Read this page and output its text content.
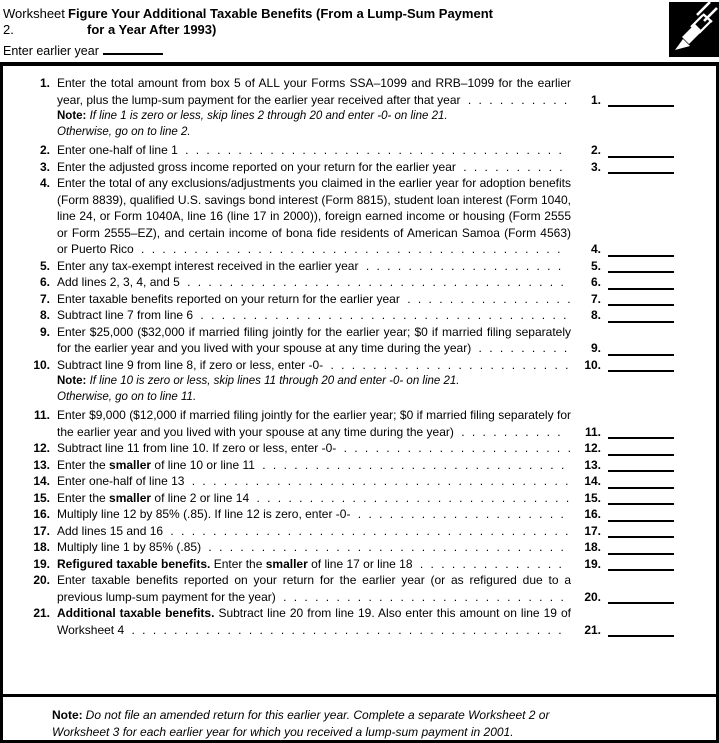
Worksheet 2.
Figure Your Additional Taxable Benefits (From a Lump-Sum Payment
for a Year After 1993)
Enter earlier year
1. Enter the total amount from box 5 of ALL your Forms SSA–1099 and RRB–1099 for the earlier year, plus the lump-sum payment for the earlier year received after that year . . . . . . . . . .	1.
Note: If line 1 is zero or less, skip lines 2 through 20 and enter -0- on line 21.
Otherwise, go on to line 2.
2. Enter one-half of line 1 . . . . . . . . . . . . . . . . . . . . . . . . . . . . . . . . . . . .	2.
3. Enter the adjusted gross income reported on your return for the earlier year . . . . . . . . . .	3.
4. Enter the total of any exclusions/adjustments you claimed in the earlier year for adoption benefits (Form 8839), qualified U.S. savings bond interest (Form 8815), student loan interest (Form 1040, line 24, or Form 1040A, line 16 (line 17 in 2000)), foreign earned income or housing (Form 2555 or Form 2555–EZ), and certain income of bona fide residents of American Samoa (Form 4563) or Puerto Rico . . . . . . . . . . . . . . . . . . . . . . . . . . . . . . . . . . . . . . . .	4.
5. Enter any tax-exempt interest received in the earlier year . . . . . . . . . . . . . . . . . . .	5.
6. Add lines 2, 3, 4, and 5 . . . . . . . . . . . . . . . . . . . . . . . . . . . . . . . . . . . .	6.
7. Enter taxable benefits reported on your return for the earlier year . . . . . . . . . . . . . . . .	7.
8. Subtract line 7 from line 6 . . . . . . . . . . . . . . . . . . . . . . . . . . . . . . . . . . .	8.
9. Enter $25,000 ($32,000 if married filing jointly for the earlier year; $0 if married filing separately for the earlier year and you lived with your spouse at any time during the year) . . . . . . . . .	9.
10. Subtract line 9 from line 8, if zero or less, enter -0- . . . . . . . . . . . . . . . . . . . . . . .	10.
Note: If line 10 is zero or less, skip lines 11 through 20 and enter -0- on line 21.
Otherwise, go on to line 11.
11. Enter $9,000 ($12,000 if married filing jointly for the earlier year; $0 if married filing separately for the earlier year and you lived with your spouse at any time during the year) . . . . . . . . . .	11.
12. Subtract line 11 from line 10. If zero or less, enter -0- . . . . . . . . . . . . . . . . . . . . . .	12.
13. Enter the smaller of line 10 or line 11 . . . . . . . . . . . . . . . . . . . . . . . . . . . . .	13.
14. Enter one-half of line 13 . . . . . . . . . . . . . . . . . . . . . . . . . . . . . . . . . . . .	14.
15. Enter the smaller of line 2 or line 14 . . . . . . . . . . . . . . . . . . . . . . . . . . . . . .	15.
16. Multiply line 12 by 85% (.85). If line 12 is zero, enter -0- . . . . . . . . . . . . . . . . . . . .	16.
17. Add lines 15 and 16 . . . . . . . . . . . . . . . . . . . . . . . . . . . . . . . . . . . . . .	17.
18. Multiply line 1 by 85% (.85) . . . . . . . . . . . . . . . . . . . . . . . . . . . . . . . . . .	18.
19. Refigured taxable benefits. Enter the smaller of line 17 or line 18 . . . . . . . . . . . . . .	19.
20. Enter taxable benefits reported on your return for the earlier year (or as refigured due to a previous lump-sum payment for the year) . . . . . . . . . . . . . . . . . . . . . . . . . . .	20.
21. Additional taxable benefits. Subtract line 20 from line 19. Also enter this amount on line 19 of Worksheet 4 . . . . . . . . . . . . . . . . . . . . . . . . . . . . . . . . . . . . . . . . .	21.
Note: Do not file an amended return for this earlier year. Complete a separate Worksheet 2 or
Worksheet 3 for each earlier year for which you received a lump-sum payment in 2001.
